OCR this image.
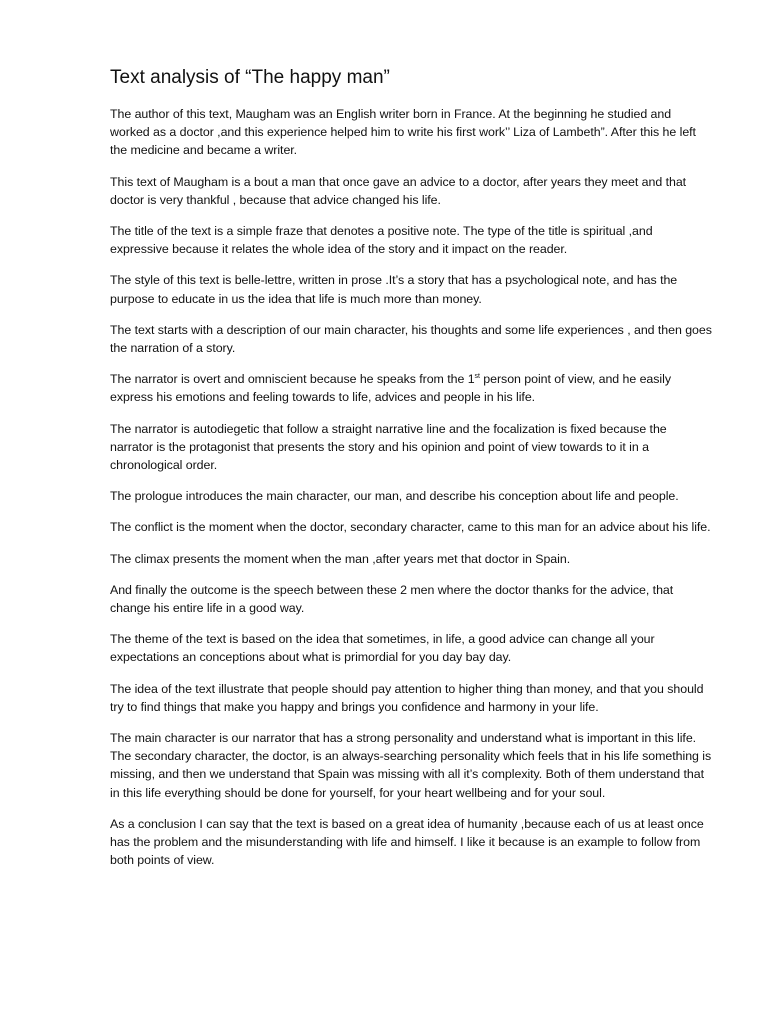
Text analysis of “The happy man”

The author of this text, Maugham was an English writer born in France. At the beginning he studied and worked as a doctor ,and this experience helped him to write his first work’’ Liza of Lambeth”. After this he left the medicine and became a writer.

This text of Maugham is a bout a man that once gave an advice to a doctor, after years they meet and that doctor is very thankful , because that advice changed his life.

The title of the text is a simple fraze that denotes a positive note. The type of the title is spiritual ,and expressive because it relates the whole idea of the story and it impact on the reader.

The style of this text is belle-lettre, written in prose .It’s a story that has a psychological note, and has the purpose to educate in us the idea that life is much more than money.

The text starts with a description of our main character, his thoughts and some life experiences , and then goes the narration of a story.

The narrator is overt and omniscient because he speaks from the 1st person point of view, and he easily express his emotions and feeling towards to life, advices and people in his life.

The narrator is autodiegetic that follow a straight narrative line and the focalization is fixed because the narrator is the protagonist that presents the story and his opinion and point of view towards to it in a chronological order.

The prologue introduces the main character, our man, and describe his conception about life and people.

The conflict is the moment when the doctor, secondary character, came to this man for an advice about his life.

The climax presents the moment when the man ,after years met that doctor in Spain.

And finally the outcome is the speech between these 2 men where the doctor thanks for the advice, that change his entire life in a good way.

The theme of the text is based on the idea that sometimes, in life, a good advice can change all your expectations an conceptions about what is primordial for you day bay day.

The idea of the text illustrate that people should pay attention to higher thing than money, and that you should try to find things that make you happy and brings you confidence and harmony in your life.

The main character is our narrator that has a strong personality and understand what is important in this life. The secondary character, the doctor, is an always-searching personality which feels that in his life something is missing, and then we understand that Spain was missing with all it’s complexity. Both of them understand that in this life everything should be done for yourself, for your heart wellbeing and for your soul.

As a conclusion I can say that the text is based on a great idea of humanity ,because each of us at least once has the problem and the misunderstanding with life and himself. I like it because is an example to follow from both points of view.
